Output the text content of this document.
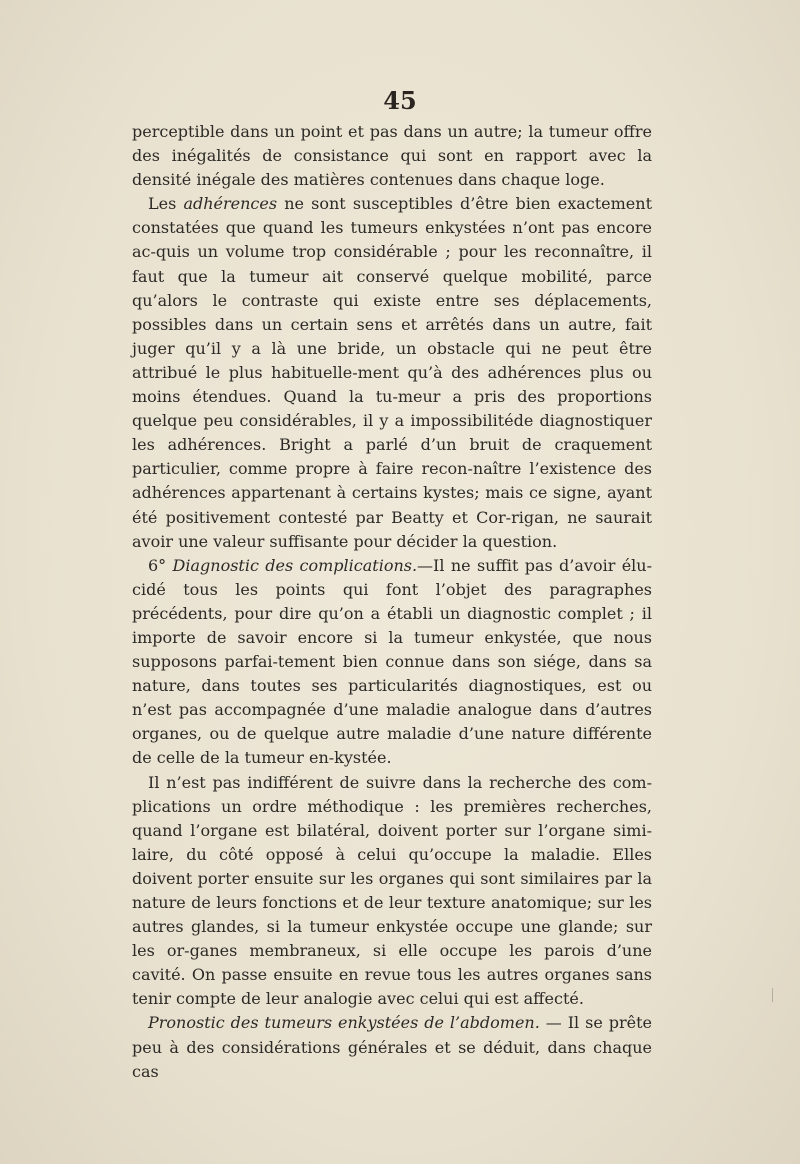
45

perceptible dans un point et pas dans un autre; la tumeur offre des inégalités de consistance qui sont en rapport avec la densité inégale des matières contenues dans chaque loge.

Les adhérences ne sont susceptibles d’être bien exactement constatées que quand les tumeurs enkystées n’ont pas encore ac-quis un volume trop considérable ; pour les reconnaître, il faut que la tumeur ait conservé quelque mobilité, parce qu’alors le contraste qui existe entre ses déplacements, possibles dans un certain sens et arrêtés dans un autre, fait juger qu’il y a là une bride, un obstacle qui ne peut être attribué le plus habituelle-ment qu’à des adhérences plus ou moins étendues. Quand la tu-meur a pris des proportions quelque peu considérables, il y a impossibilitéde diagnostiquer les adhérences. Bright a parlé d’un bruit de craquement particulier, comme propre à faire recon-naître l’existence des adhérences appartenant à certains kystes; mais ce signe, ayant été positivement contesté par Beatty et Cor-rigan, ne saurait avoir une valeur suffisante pour décider la question.

6° Diagnostic des complications.—Il ne suffit pas d’avoir élu-cidé tous les points qui font l’objet des paragraphes précédents, pour dire qu’on a établi un diagnostic complet ; il importe de savoir encore si la tumeur enkystée, que nous supposons parfai-tement bien connue dans son siége, dans sa nature, dans toutes ses particularités diagnostiques, est ou n’est pas accompagnée d’une maladie analogue dans d’autres organes, ou de quelque autre maladie d’une nature différente de celle de la tumeur en-kystée.

Il n’est pas indifférent de suivre dans la recherche des com-plications un ordre méthodique : les premières recherches, quand l’organe est bilatéral, doivent porter sur l’organe simi-laire, du côté opposé à celui qu’occupe la maladie. Elles doivent porter ensuite sur les organes qui sont similaires par la nature de leurs fonctions et de leur texture anatomique; sur les autres glandes, si la tumeur enkystée occupe une glande; sur les or-ganes membraneux, si elle occupe les parois d’une cavité. On passe ensuite en revue tous les autres organes sans tenir compte de leur analogie avec celui qui est affecté.

Pronostic des tumeurs enkystées de l’abdomen. — Il se prête peu à des considérations générales et se déduit, dans chaque cas
